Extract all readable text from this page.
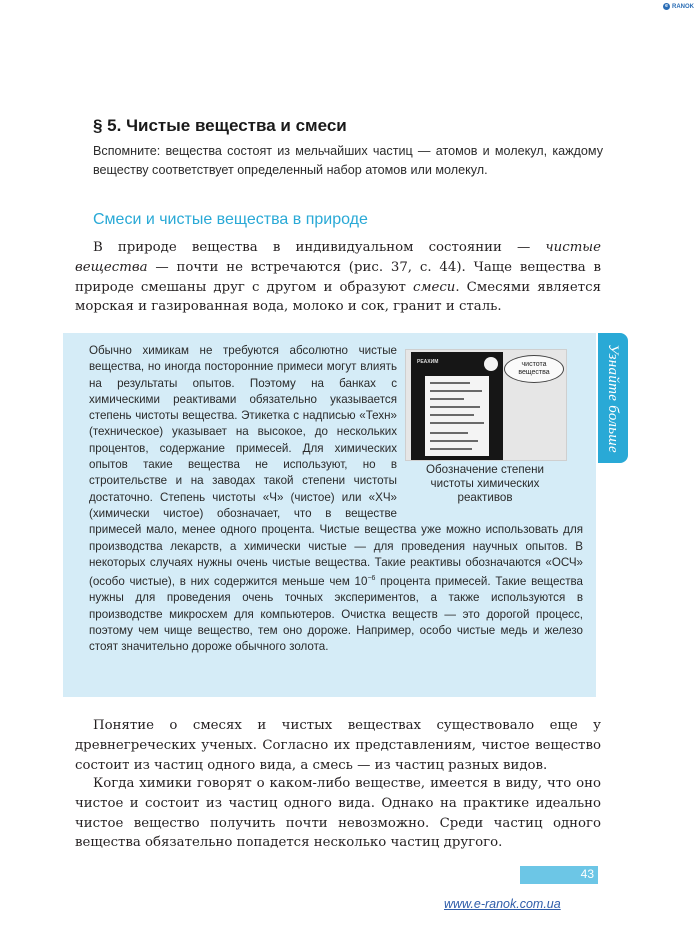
e RANOK
§ 5. Чистые вещества и смеси
Вспомните: вещества состоят из мельчайших частиц — атомов и молекул, каждому веществу соответствует определенный набор атомов или молекул.
Смеси и чистые вещества в природе

В природе вещества в индивидуальном состоянии — чистые вещества — почти не встречаются (рис. 37, с. 44). Чаще вещества в природе смешаны друг с другом и образуют смеси. Смесями является морская и газированная вода, молоко и сок, гранит и сталь.

Обычно химикам не требуются абсолютно чистые вещества, но иногда посторонние примеси могут влиять на результаты опытов. Поэтому на банках с химическими реактивами обязательно указывается степень чистоты вещества. Этикетка с надписью «Техн» (техническое) указывает на высокое, до нескольких процентов, содержание примесей. Для химических опытов такие вещества не используют, но в строительстве и на заводах такой степени чистоты достаточно. Степень чистоты «Ч» (чистое) или «ХЧ» (химически чистое) обозначает, что в веществе примесей мало, менее одного процента. Чистые вещества уже можно использовать для производства лекарств, а химически чистые — для проведения научных опытов. В некоторых случаях нужны очень чистые вещества. Такие реактивы обозначаются «ОСЧ» (особо чистые), в них содержится меньше чем $10^{-6}$ процента примесей. Такие вещества нужны для проведения очень точных экспериментов, а также используются в производстве микросхем для компьютеров. Очистка веществ — это дорогой процесс, поэтому чем чище вещество, тем оно дороже. Например, особо чистые медь и железо стоят значительно дороже обычного золота.

РЕАХИМ	чистота вещества
Обозначение степени чистоты химических реактивов
Узнайте больше

Понятие о смесях и чистых веществах существовало еще у древнегреческих ученых. Согласно их представлениям, чистое вещество состоит из частиц одного вида, а смесь — из частиц разных видов.

Когда химики говорят о каком-либо веществе, имеется в виду, что оно чистое и состоит из частиц одного вида. Однако на практике идеально чистое вещество получить почти невозможно. Среди частиц одного вещества обязательно попадется несколько частиц другого.

43
www.e-ranok.com.ua
